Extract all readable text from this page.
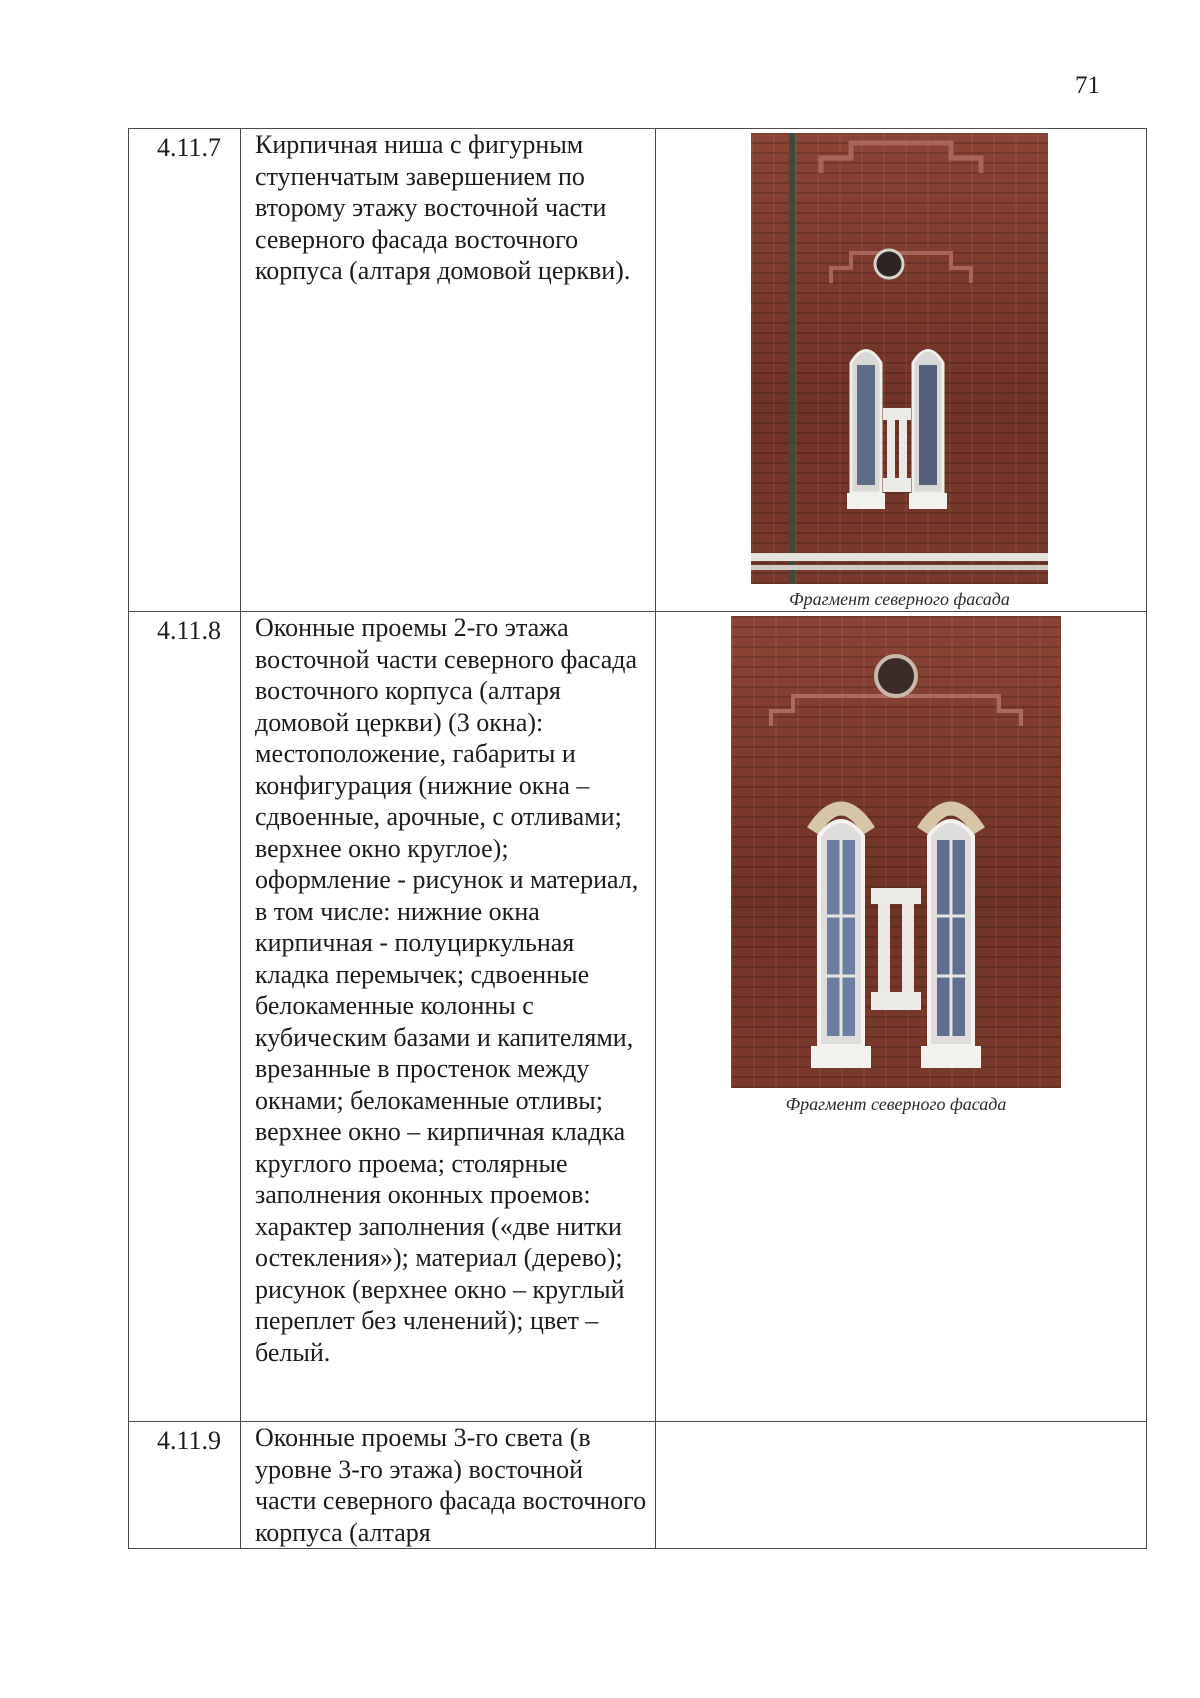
71
4.11.7	Кирпичная ниша с фигурным ступенчатым завершением по второму этажу восточной части северного фасада восточного корпуса (алтаря домовой церкви).	Фрагмент северного фасада

4.11.8	Оконные проемы 2-го этажа восточной части северного фасада восточного корпуса (алтаря домовой церкви) (3 окна): местоположение, габариты и конфигурация (нижние окна – сдвоенные, арочные, с отливами; верхнее окно круглое); оформление - рисунок и материал, в том числе: нижние окна кирпичная - полуциркульная кладка перемычек; сдвоенные белокаменные колонны с кубическим базами и капителями, врезанные в простенок между окнами; белокаменные отливы; верхнее окно – кирпичная кладка круглого проема; столярные заполнения оконных проемов: характер заполнения («две нитки остекления»); материал (дерево); рисунок (верхнее окно – круглый переплет без членений); цвет – белый.	Фрагмент северного фасада

4.11.9	Оконные проемы 3-го света (в уровне 3-го этажа) восточной части северного фасада восточного корпуса (алтаря	
